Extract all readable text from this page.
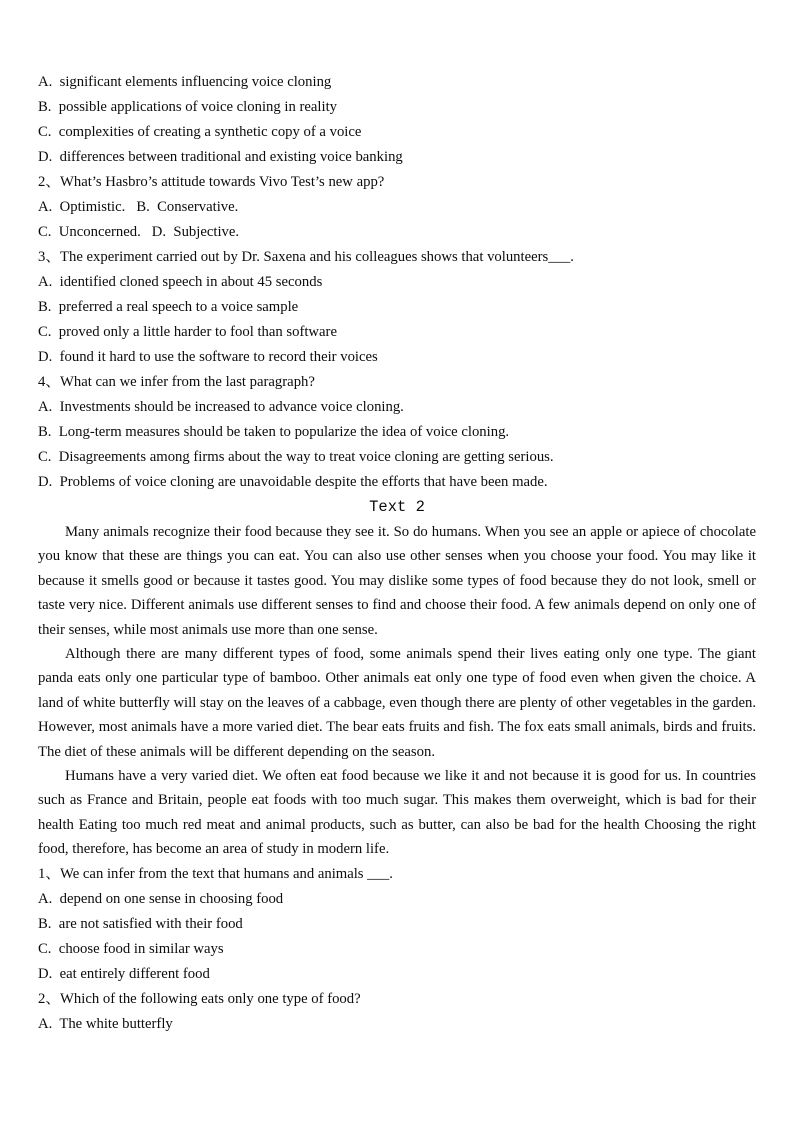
A.  significant elements influencing voice cloning
B.  possible applications of voice cloning in reality
C.  complexities of creating a synthetic copy of a voice
D.  differences between traditional and existing voice banking
2、What’s Hasbro’s attitude towards Vivo Test’s new app?
A.  Optimistic.   B.  Conservative.
C.  Unconcerned.   D.  Subjective.
3、The experiment carried out by Dr. Saxena and his colleagues shows that volunteers___.
A.  identified cloned speech in about 45 seconds
B.  preferred a real speech to a voice sample
C.  proved only a little harder to fool than software
D.  found it hard to use the software to record their voices
4、What can we infer from the last paragraph?
A.  Investments should be increased to advance voice cloning.
B.  Long-term measures should be taken to popularize the idea of voice cloning.
C.  Disagreements among firms about the way to treat voice cloning are getting serious.
D.  Problems of voice cloning are unavoidable despite the efforts that have been made.
Text 2

Many animals recognize their food because they see it. So do humans. When you see an apple or apiece of chocolate you know that these are things you can eat. You can also use other senses when you choose your food. You may like it because it smells good or because it tastes good. You may dislike some types of food because they do not look, smell or taste very nice. Different animals use different senses to find and choose their food. A few animals depend on only one of their senses, while most animals use more than one sense.

Although there are many different types of food, some animals spend their lives eating only one type. The giant panda eats only one particular type of bamboo. Other animals eat only one type of food even when given the choice. A land of white butterfly will stay on the leaves of a cabbage, even though there are plenty of other vegetables in the garden. However, most animals have a more varied diet. The bear eats fruits and fish. The fox eats small animals, birds and fruits. The diet of these animals will be different depending on the season.

Humans have a very varied diet. We often eat food because we like it and not because it is good for us. In countries such as France and Britain, people eat foods with too much sugar. This makes them overweight, which is bad for their health Eating too much red meat and animal products, such as butter, can also be bad for the health Choosing the right food, therefore, has become an area of study in modern life.

1、We can infer from the text that humans and animals ___.
A.  depend on one sense in choosing food
B.  are not satisfied with their food
C.  choose food in similar ways
D.  eat entirely different food
2、Which of the following eats only one type of food?
A.  The white butterfly
